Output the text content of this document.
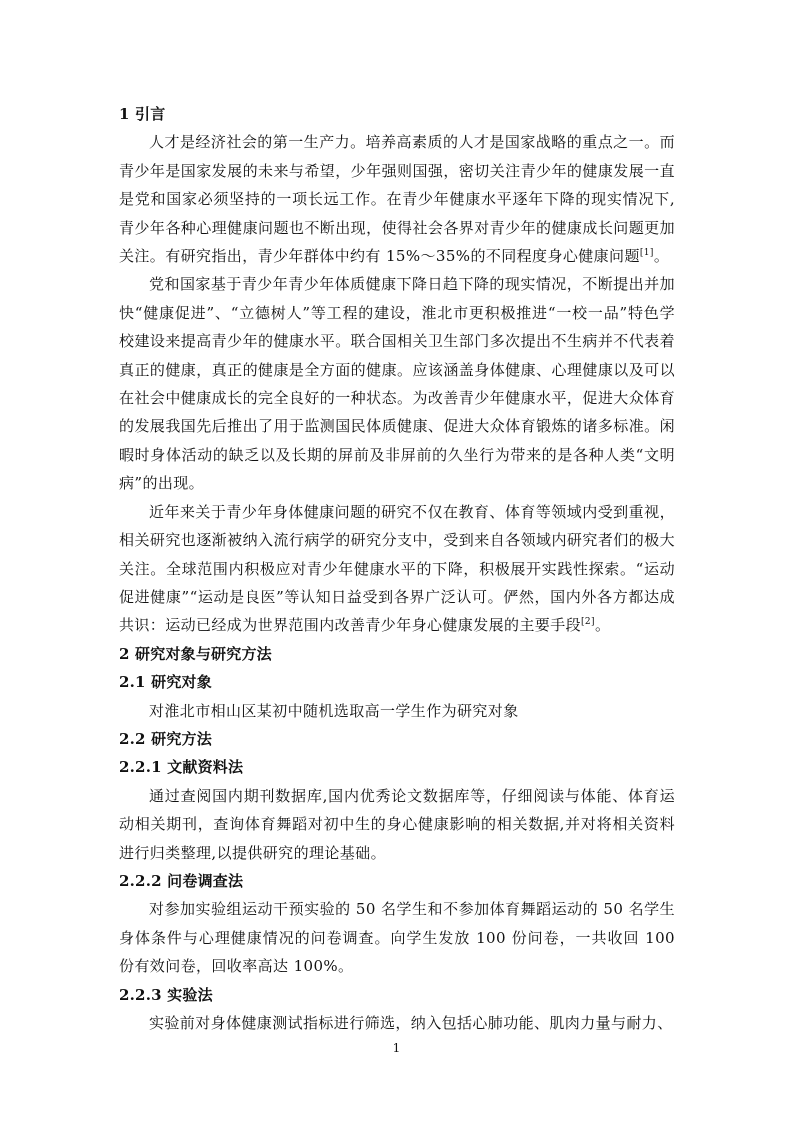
1 引言

人才是经济社会的第一生产力。培养高素质的人才是国家战略的重点之一。而青少年是国家发展的未来与希望，少年强则国强，密切关注青少年的健康发展一直是党和国家必须坚持的一项长远工作。在青少年健康水平逐年下降的现实情况下, 青少年各种心理健康问题也不断出现，使得社会各界对青少年的健康成长问题更加关注。有研究指出，青少年群体中约有 15%～35%的不同程度身心健康问题[1]。

党和国家基于青少年青少年体质健康下降日趋下降的现实情况，不断提出并加快“健康促进”、“立德树人”等工程的建设，淮北市更积极推进“一校一品”特色学校建设来提高青少年的健康水平。联合国相关卫生部门多次提出不生病并不代表着真正的健康，真正的健康是全方面的健康。应该涵盖身体健康、心理健康以及可以在社会中健康成长的完全良好的一种状态。为改善青少年健康水平，促进大众体育的发展我国先后推出了用于监测国民体质健康、促进大众体育锻炼的诸多标准。闲暇时身体活动的缺乏以及长期的屏前及非屏前的久坐行为带来的是各种人类“文明病”的出现。

近年来关于青少年身体健康问题的研究不仅在教育、体育等领域内受到重视，相关研究也逐渐被纳入流行病学的研究分支中，受到来自各领域内研究者们的极大关注。全球范围内积极应对青少年健康水平的下降，积极展开实践性探索。“运动促进健康”“运动是良医”等认知日益受到各界广泛认可。俨然，国内外各方都达成共识：运动已经成为世界范围内改善青少年身心健康发展的主要手段[2]。

2 研究对象与研究方法

2.1 研究对象

对淮北市相山区某初中随机选取高一学生作为研究对象

2.2 研究方法

2.2.1 文献资料法

通过查阅国内期刊数据库,国内优秀论文数据库等，仔细阅读与体能、体育运动相关期刊，查询体育舞蹈对初中生的身心健康影响的相关数据,并对将相关资料进行归类整理,以提供研究的理论基础。

2.2.2 问卷调查法

对参加实验组运动干预实验的 50 名学生和不参加体育舞蹈运动的 50 名学生身体条件与心理健康情况的问卷调查。向学生发放 100 份问卷，一共收回 100 份有效问卷，回收率高达 100%。

2.2.3 实验法

实验前对身体健康测试指标进行筛选，纳入包括心肺功能、肌肉力量与耐力、

1
